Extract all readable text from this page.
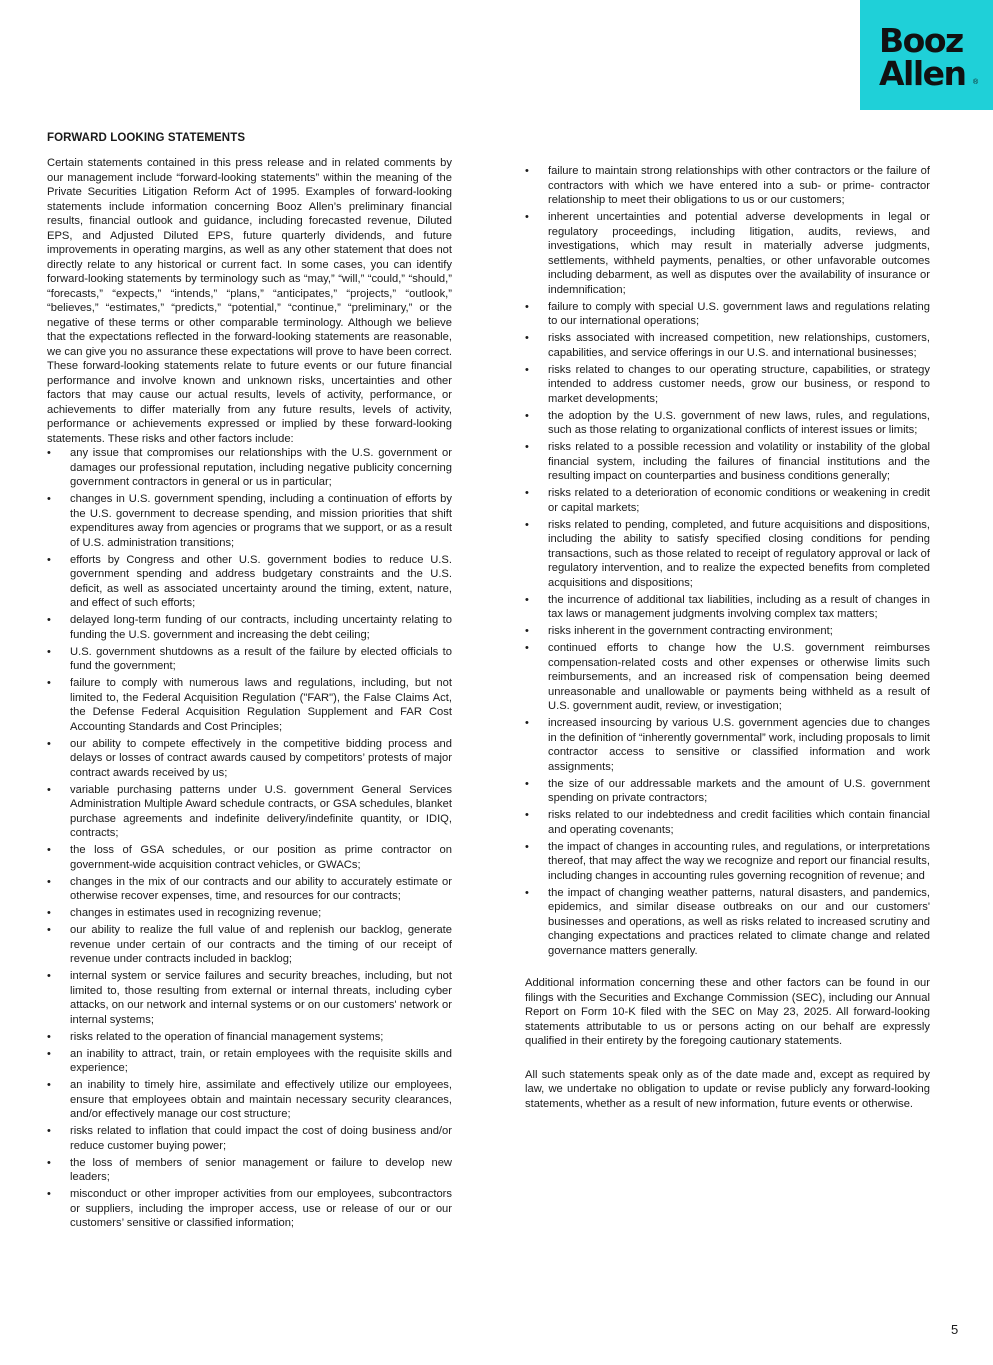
Booz
Allen ®
FORWARD LOOKING STATEMENTS

Certain statements contained in this press release and in related comments by our management include “forward-looking statements” within the meaning of the Private Securities Litigation Reform Act of 1995. Examples of forward-looking statements include information concerning Booz Allen’s preliminary financial results, financial outlook and guidance, including forecasted revenue, Diluted EPS, and Adjusted Diluted EPS, future quarterly dividends, and future improvements in operating margins, as well as any other statement that does not directly relate to any historical or current fact. In some cases, you can identify forward-looking statements by terminology such as “may,” “will,” “could,” “should,” “forecasts,” “expects,” “intends,” “plans,” “anticipates,” “projects,” “outlook,” “believes,” “estimates,” “predicts,” “potential,” “continue,” “preliminary,” or the negative of these terms or other comparable terminology. Although we believe that the expectations reflected in the forward-looking statements are reasonable, we can give you no assurance these expectations will prove to have been correct. These forward-looking statements relate to future events or our future financial performance and involve known and unknown risks, uncertainties and other factors that may cause our actual results, levels of activity, performance, or achievements to differ materially from any future results, levels of activity, performance or achievements expressed or implied by these forward-looking statements. These risks and other factors include:

• any issue that compromises our relationships with the U.S. government or damages our professional reputation, including negative publicity concerning government contractors in general or us in particular;
• changes in U.S. government spending, including a continuation of efforts by the U.S. government to decrease spending, and mission priorities that shift expenditures away from agencies or programs that we support, or as a result of U.S. administration transitions;
• efforts by Congress and other U.S. government bodies to reduce U.S. government spending and address budgetary constraints and the U.S. deficit, as well as associated uncertainty around the timing, extent, nature, and effect of such efforts;
• delayed long-term funding of our contracts, including uncertainty relating to funding the U.S. government and increasing the debt ceiling;
• U.S. government shutdowns as a result of the failure by elected officials to fund the government;
• failure to comply with numerous laws and regulations, including, but not limited to, the Federal Acquisition Regulation ("FAR"), the False Claims Act, the Defense Federal Acquisition Regulation Supplement and FAR Cost Accounting Standards and Cost Principles;
• our ability to compete effectively in the competitive bidding process and delays or losses of contract awards caused by competitors’ protests of major contract awards received by us;
• variable purchasing patterns under U.S. government General Services Administration Multiple Award schedule contracts, or GSA schedules, blanket purchase agreements and indefinite delivery/indefinite quantity, or IDIQ, contracts;
• the loss of GSA schedules, or our position as prime contractor on government-wide acquisition contract vehicles, or GWACs;
• changes in the mix of our contracts and our ability to accurately estimate or otherwise recover expenses, time, and resources for our contracts;
• changes in estimates used in recognizing revenue;
• our ability to realize the full value of and replenish our backlog, generate revenue under certain of our contracts and the timing of our receipt of revenue under contracts included in backlog;
• internal system or service failures and security breaches, including, but not limited to, those resulting from external or internal threats, including cyber attacks, on our network and internal systems or on our customers' network or internal systems;
• risks related to the operation of financial management systems;
• an inability to attract, train, or retain employees with the requisite skills and experience;
• an inability to timely hire, assimilate and effectively utilize our employees, ensure that employees obtain and maintain necessary security clearances, and/or effectively manage our cost structure;
• risks related to inflation that could impact the cost of doing business and/or reduce customer buying power;
• the loss of members of senior management or failure to develop new leaders;
• misconduct or other improper activities from our employees, subcontractors or suppliers, including the improper access, use or release of our or our customers’ sensitive or classified information;
• failure to maintain strong relationships with other contractors or the failure of contractors with which we have entered into a sub- or prime- contractor relationship to meet their obligations to us or our customers;
• inherent uncertainties and potential adverse developments in legal or regulatory proceedings, including litigation, audits, reviews, and investigations, which may result in materially adverse judgments, settlements, withheld payments, penalties, or other unfavorable outcomes including debarment, as well as disputes over the availability of insurance or indemnification;
• failure to comply with special U.S. government laws and regulations relating to our international operations;
• risks associated with increased competition, new relationships, customers, capabilities, and service offerings in our U.S. and international businesses;
• risks related to changes to our operating structure, capabilities, or strategy intended to address customer needs, grow our business, or respond to market developments;
• the adoption by the U.S. government of new laws, rules, and regulations, such as those relating to organizational conflicts of interest issues or limits;
• risks related to a possible recession and volatility or instability of the global financial system, including the failures of financial institutions and the resulting impact on counterparties and business conditions generally;
• risks related to a deterioration of economic conditions or weakening in credit or capital markets;
• risks related to pending, completed, and future acquisitions and dispositions, including the ability to satisfy specified closing conditions for pending transactions, such as those related to receipt of regulatory approval or lack of regulatory intervention, and to realize the expected benefits from completed acquisitions and dispositions;
• the incurrence of additional tax liabilities, including as a result of changes in tax laws or management judgments involving complex tax matters;
• risks inherent in the government contracting environment;
• continued efforts to change how the U.S. government reimburses compensation-related costs and other expenses or otherwise limits such reimbursements, and an increased risk of compensation being deemed unreasonable and unallowable or payments being withheld as a result of U.S. government audit, review, or investigation;
• increased insourcing by various U.S. government agencies due to changes in the definition of “inherently governmental” work, including proposals to limit contractor access to sensitive or classified information and work assignments;
• the size of our addressable markets and the amount of U.S. government spending on private contractors;
• risks related to our indebtedness and credit facilities which contain financial and operating covenants;
• the impact of changes in accounting rules, and regulations, or interpretations thereof, that may affect the way we recognize and report our financial results, including changes in accounting rules governing recognition of revenue; and
• the impact of changing weather patterns, natural disasters, and pandemics, epidemics, and similar disease outbreaks on our and our customers' businesses and operations, as well as risks related to increased scrutiny and changing expectations and practices related to climate change and related governance matters generally.

Additional information concerning these and other factors can be found in our filings with the Securities and Exchange Commission (SEC), including our Annual Report on Form 10-K filed with the SEC on May 23, 2025. All forward-looking statements attributable to us or persons acting on our behalf are expressly qualified in their entirety by the foregoing cautionary statements.

All such statements speak only as of the date made and, except as required by law, we undertake no obligation to update or revise publicly any forward-looking statements, whether as a result of new information, future events or otherwise.

5
